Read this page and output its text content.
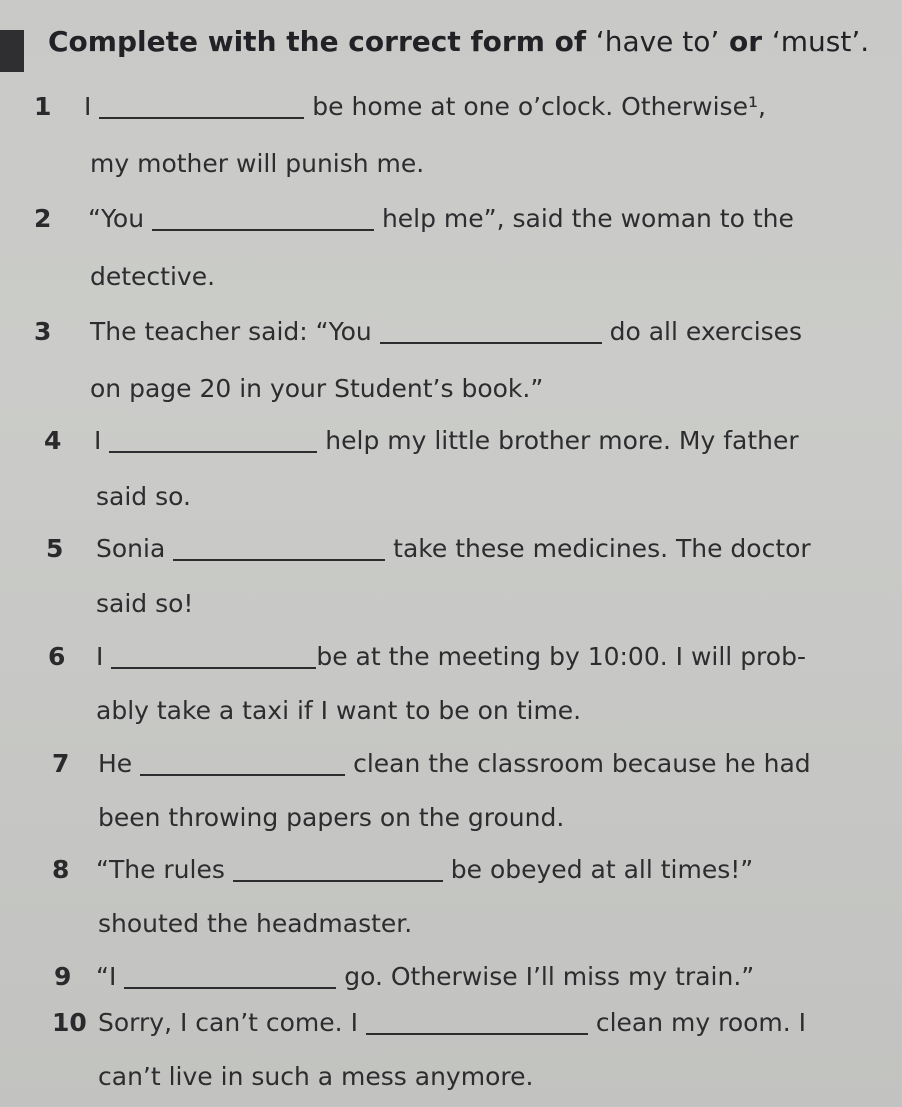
Complete with the correct form of ‘have to’ or ‘must’.
1 I	be home at one o’clock. Otherwise¹,
my mother will punish me.
2 “You	help me”, said the woman to the
detective.
3 The teacher said: “You	do all exercises
on page 20 in your Student’s book.”
4 I	help my little brother more. My father
said so.
5 Sonia	take these medicines. The doctor
said so!
6 I	be at the meeting by 10:00. I will prob-
ably take a taxi if I want to be on time.
7 He	clean the classroom because he had
been throwing papers on the ground.
8 “The rules	be obeyed at all times!”
shouted the headmaster.
9 “I	go. Otherwise I’ll miss my train.”
10 Sorry, I can’t come. I	clean my room. I
can’t live in such a mess anymore.
